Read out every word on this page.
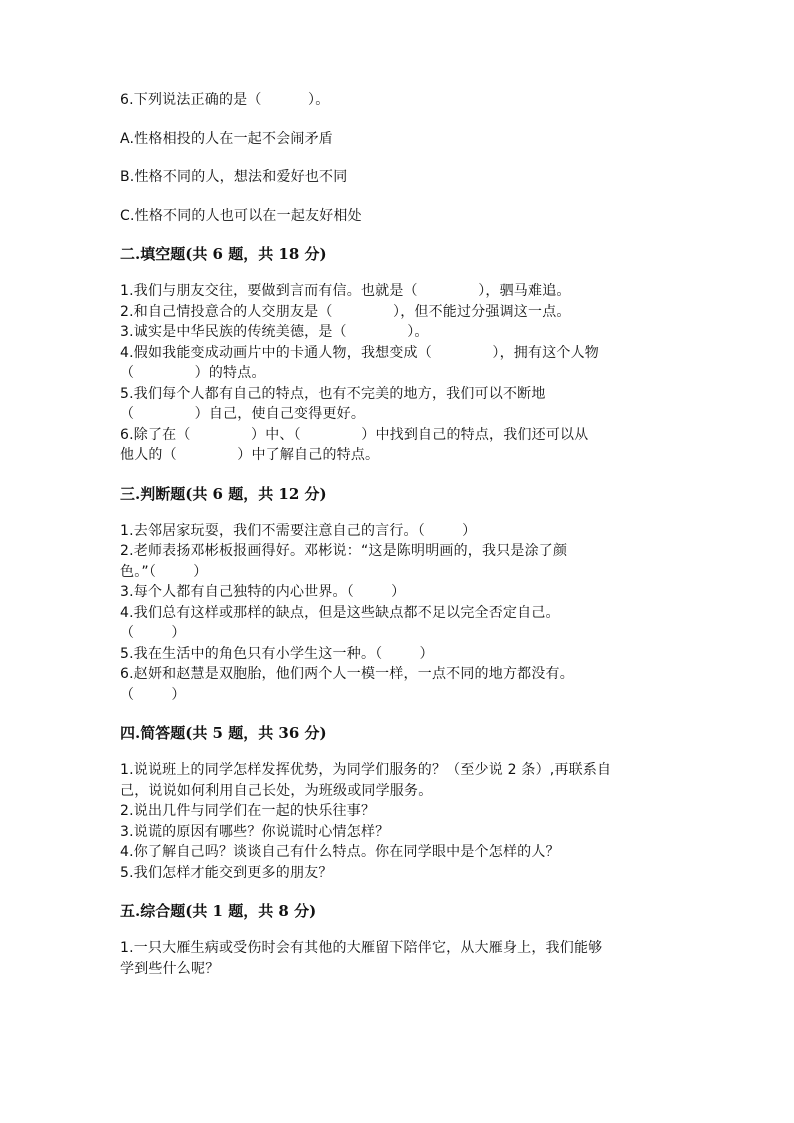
6.下列说法正确的是（          ）。
A.性格相投的人在一起不会闹矛盾
B.性格不同的人，想法和爱好也不同
C.性格不同的人也可以在一起友好相处
二.填空题(共 6 题，共 18 分)
1.我们与朋友交往，要做到言而有信。也就是（             ），驷马难追。
2.和自己情投意合的人交朋友是（             ），但不能过分强调这一点。
3.诚实是中华民族的传统美德，是（             ）。
4.假如我能变成动画片中的卡通人物，我想变成（             ），拥有这个人物
（             ）的特点。
5.我们每个人都有自己的特点，也有不完美的地方，我们可以不断地
（             ）自己，使自己变得更好。
6.除了在（             ）中、（             ）中找到自己的特点，我们还可以从
他人的（             ）中了解自己的特点。
三.判断题(共 6 题，共 12 分)
1.去邻居家玩耍，我们不需要注意自己的言行。（        ）
2.老师表扬邓彬板报画得好。邓彬说：“这是陈明明画的，我只是涂了颜
色。”（        ）
3.每个人都有自己独特的内心世界。（        ）
4.我们总有这样或那样的缺点，但是这些缺点都不足以完全否定自己。
（        ）
5.我在生活中的角色只有小学生这一种。（        ）
6.赵妍和赵慧是双胞胎，他们两个人一模一样，一点不同的地方都没有。
（        ）
四.简答题(共 5 题，共 36 分)
1.说说班上的同学怎样发挥优势，为同学们服务的？（至少说 2 条）,再联系自
己，说说如何利用自己长处，为班级或同学服务。
2.说出几件与同学们在一起的快乐往事？
3.说谎的原因有哪些？你说谎时心情怎样？
4.你了解自己吗？谈谈自己有什么特点。你在同学眼中是个怎样的人？
5.我们怎样才能交到更多的朋友？
五.综合题(共 1 题，共 8 分)
1.一只大雁生病或受伤时会有其他的大雁留下陪伴它，从大雁身上，我们能够
学到些什么呢？
